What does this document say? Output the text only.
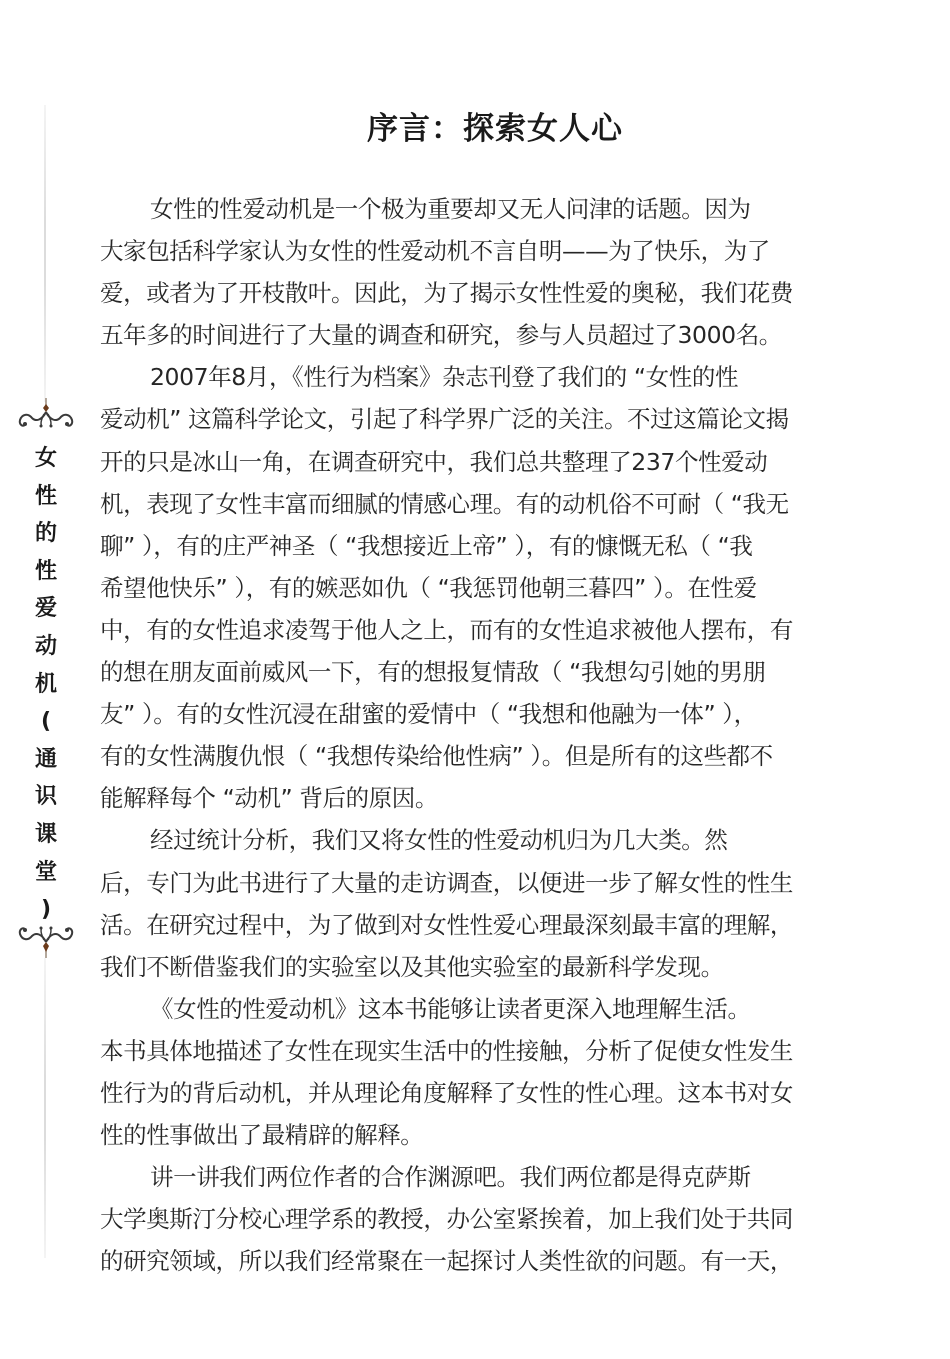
序言：探索女人心
女
性
的
性
爱
动
机
(
通
识
课
堂
)
女性的性爱动机是一个极为重要却又无人问津的话题。因为
大家包括科学家认为女性的性爱动机不言自明——为了快乐，为了
爱，或者为了开枝散叶。因此，为了揭示女性性爱的奥秘，我们花费
五年多的时间进行了大量的调查和研究，参与人员超过了3000名。
2007年8月，《性行为档案》杂志刊登了我们的 “女性的性
爱动机” 这篇科学论文，引起了科学界广泛的关注。不过这篇论文揭
开的只是冰山一角，在调查研究中，我们总共整理了237个性爱动
机，表现了女性丰富而细腻的情感心理。有的动机俗不可耐（ “我无
聊” ），有的庄严神圣（ “我想接近上帝” ），有的慷慨无私（ “我
希望他快乐” ），有的嫉恶如仇（ “我惩罚他朝三暮四” ）。在性爱
中，有的女性追求凌驾于他人之上，而有的女性追求被他人摆布，有
的想在朋友面前威风一下，有的想报复情敌（ “我想勾引她的男朋
友” ）。有的女性沉浸在甜蜜的爱情中（ “我想和他融为一体” ），
有的女性满腹仇恨（ “我想传染给他性病” ）。但是所有的这些都不
能解释每个 “动机” 背后的原因。
经过统计分析，我们又将女性的性爱动机归为几大类。然
后，专门为此书进行了大量的走访调查，以便进一步了解女性的性生
活。在研究过程中，为了做到对女性性爱心理最深刻最丰富的理解，
我们不断借鉴我们的实验室以及其他实验室的最新科学发现。
《女性的性爱动机》这本书能够让读者更深入地理解生活。
本书具体地描述了女性在现实生活中的性接触，分析了促使女性发生
性行为的背后动机，并从理论角度解释了女性的性心理。这本书对女
性的性事做出了最精辟的解释。
讲一讲我们两位作者的合作渊源吧。我们两位都是得克萨斯
大学奥斯汀分校心理学系的教授，办公室紧挨着，加上我们处于共同
的研究领域，所以我们经常聚在一起探讨人类性欲的问题。有一天，
